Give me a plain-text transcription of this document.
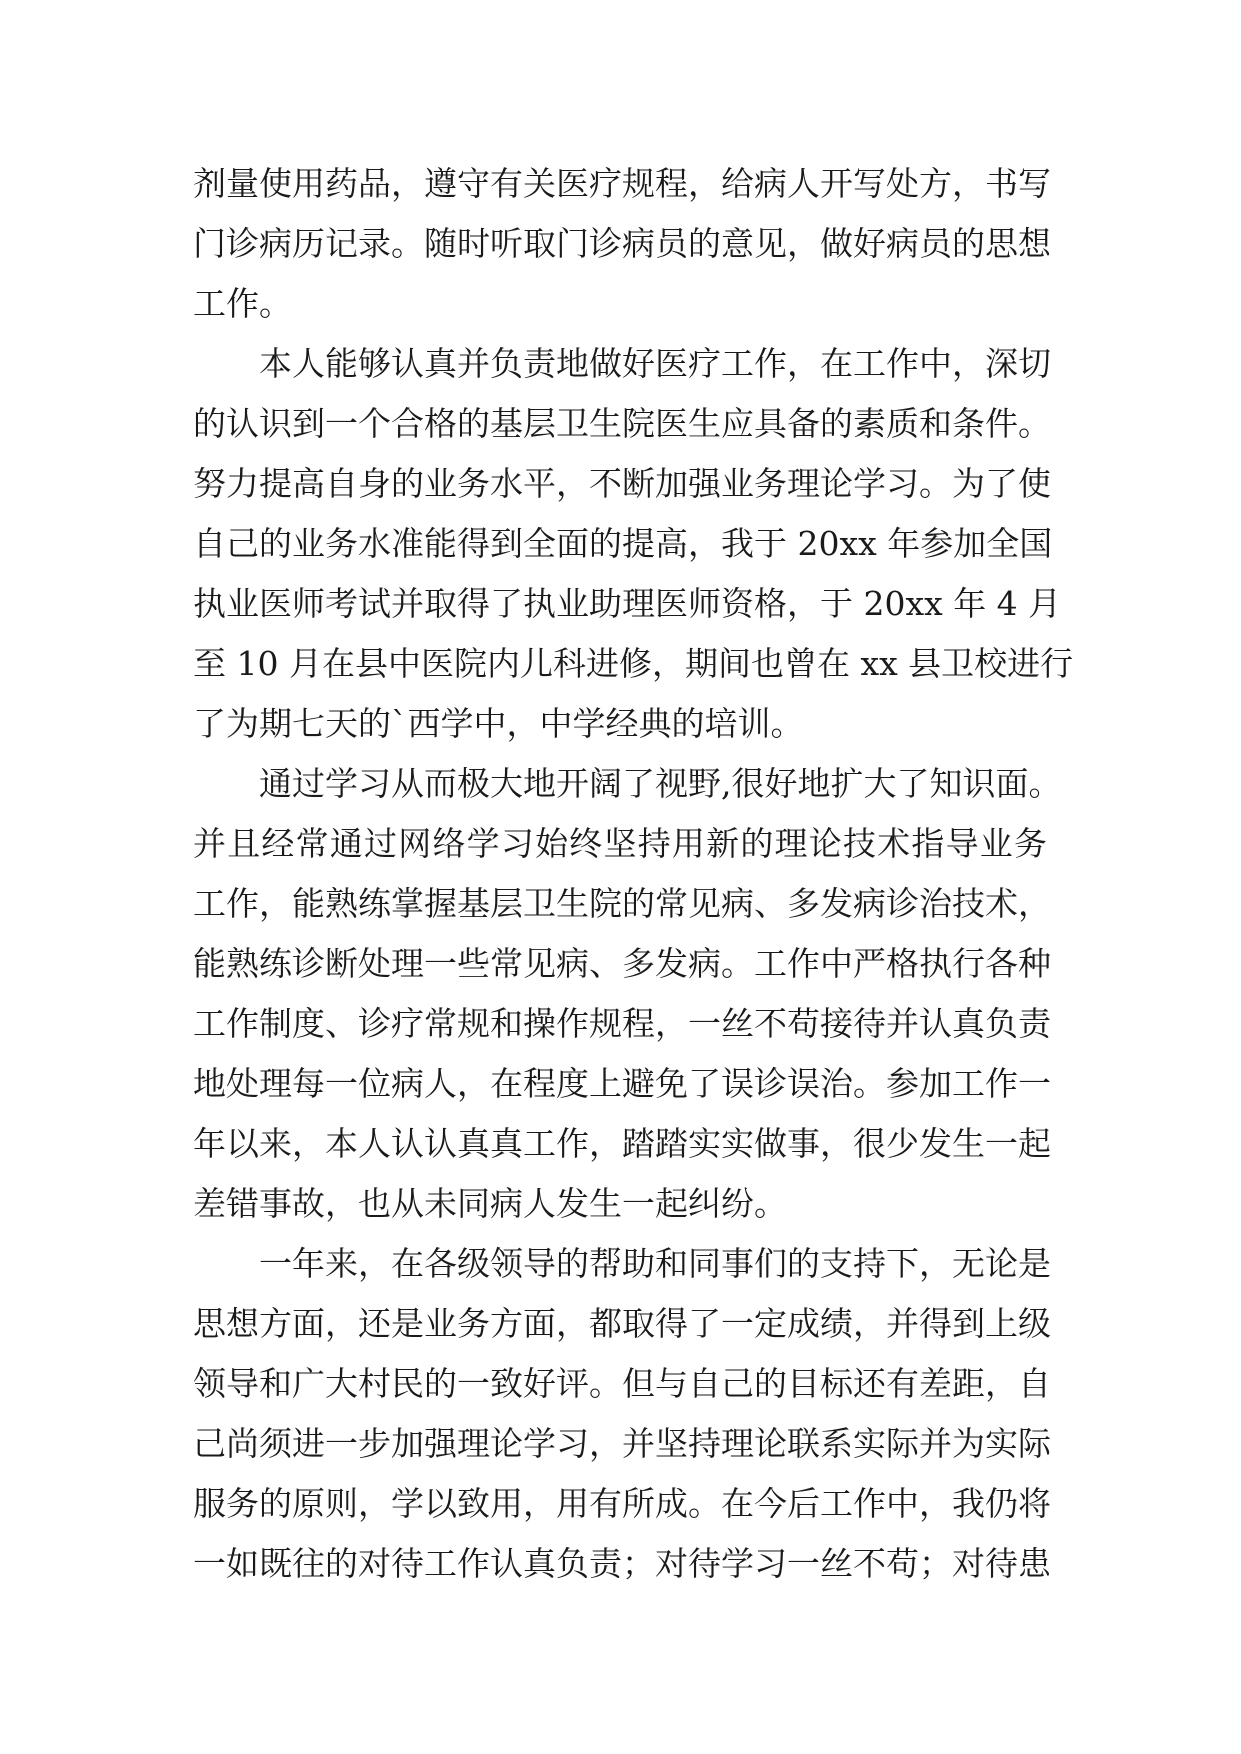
剂量使用药品，遵守有关医疗规程，给病人开写处方，书写
门诊病历记录。随时听取门诊病员的意见，做好病员的思想
工作。
本人能够认真并负责地做好医疗工作，在工作中，深切
的认识到一个合格的基层卫生院医生应具备的素质和条件。
努力提高自身的业务水平，不断加强业务理论学习。为了使
自己的业务水准能得到全面的提高，我于 20xx 年参加全国
执业医师考试并取得了执业助理医师资格，于 20xx 年 4 月
至 10 月在县中医院内儿科进修，期间也曾在 xx 县卫校进行
了为期七天的`西学中，中学经典的培训。
通过学习从而极大地开阔了视野,很好地扩大了知识面。
并且经常通过网络学习始终坚持用新的理论技术指导业务
工作，能熟练掌握基层卫生院的常见病、多发病诊治技术，
能熟练诊断处理一些常见病、多发病。工作中严格执行各种
工作制度、诊疗常规和操作规程，一丝不苟接待并认真负责
地处理每一位病人，在程度上避免了误诊误治。参加工作一
年以来，本人认认真真工作，踏踏实实做事，很少发生一起
差错事故，也从未同病人发生一起纠纷。
一年来，在各级领导的帮助和同事们的支持下，无论是
思想方面，还是业务方面，都取得了一定成绩，并得到上级
领导和广大村民的一致好评。但与自己的目标还有差距，自
己尚须进一步加强理论学习，并坚持理论联系实际并为实际
服务的原则，学以致用，用有所成。在今后工作中，我仍将
一如既往的对待工作认真负责；对待学习一丝不苟；对待患
